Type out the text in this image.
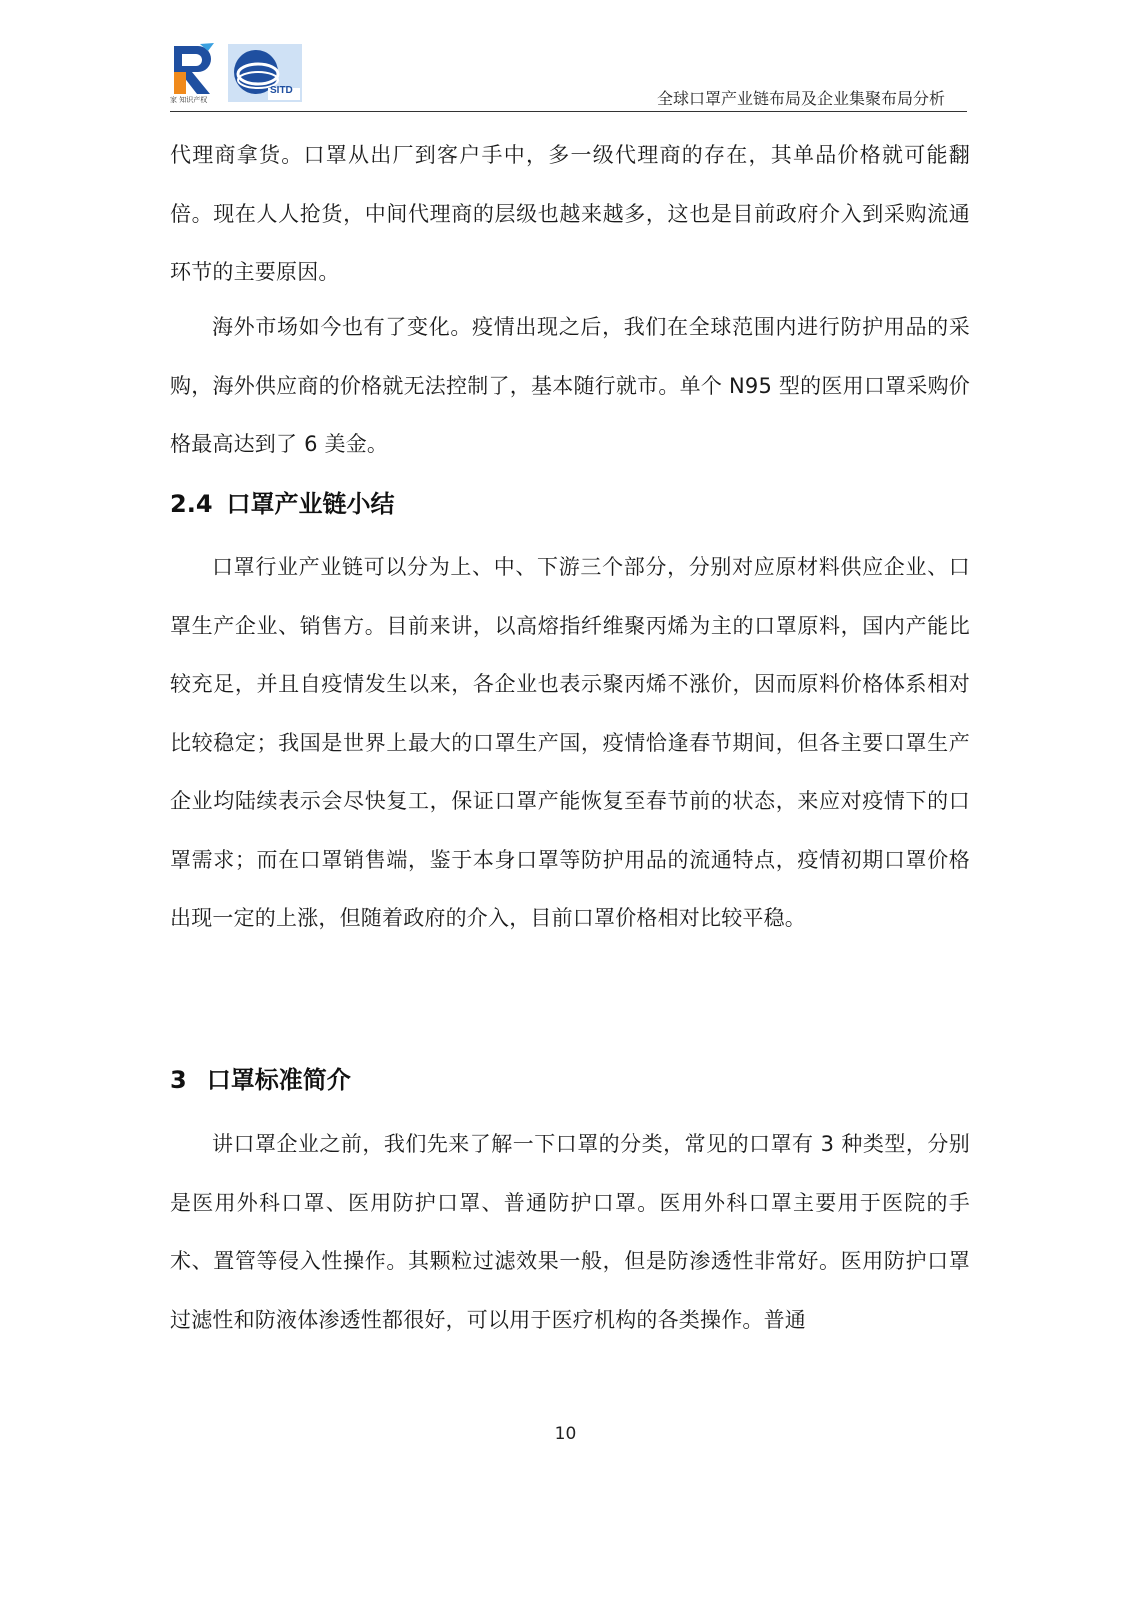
家 知识产权
SITD	全球口罩产业链布局及企业集聚布局分析

代理商拿货。口罩从出厂到客户手中，多一级代理商的存在，其单品价格就可能翻倍。现在人人抢货，中间代理商的层级也越来越多，这也是目前政府介入到采购流通环节的主要原因。

海外市场如今也有了变化。疫情出现之后，我们在全球范围内进行防护用品的采购，海外供应商的价格就无法控制了，基本随行就市。单个 N95 型的医用口罩采购价格最高达到了 6 美金。

2.4 口罩产业链小结

口罩行业产业链可以分为上、中、下游三个部分，分别对应原材料供应企业、口罩生产企业、销售方。目前来讲，以高熔指纤维聚丙烯为主的口罩原料，国内产能比较充足，并且自疫情发生以来，各企业也表示聚丙烯不涨价，因而原料价格体系相对比较稳定；我国是世界上最大的口罩生产国，疫情恰逢春节期间，但各主要口罩生产企业均陆续表示会尽快复工，保证口罩产能恢复至春节前的状态，来应对疫情下的口罩需求；而在口罩销售端，鉴于本身口罩等防护用品的流通特点，疫情初期口罩价格出现一定的上涨，但随着政府的介入，目前口罩价格相对比较平稳。

3 口罩标准简介

讲口罩企业之前，我们先来了解一下口罩的分类，常见的口罩有 3 种类型，分别是医用外科口罩、医用防护口罩、普通防护口罩。医用外科口罩主要用于医院的手术、置管等侵入性操作。其颗粒过滤效果一般，但是防渗透性非常好。医用防护口罩过滤性和防液体渗透性都很好，可以用于医疗机构的各类操作。普通

10
